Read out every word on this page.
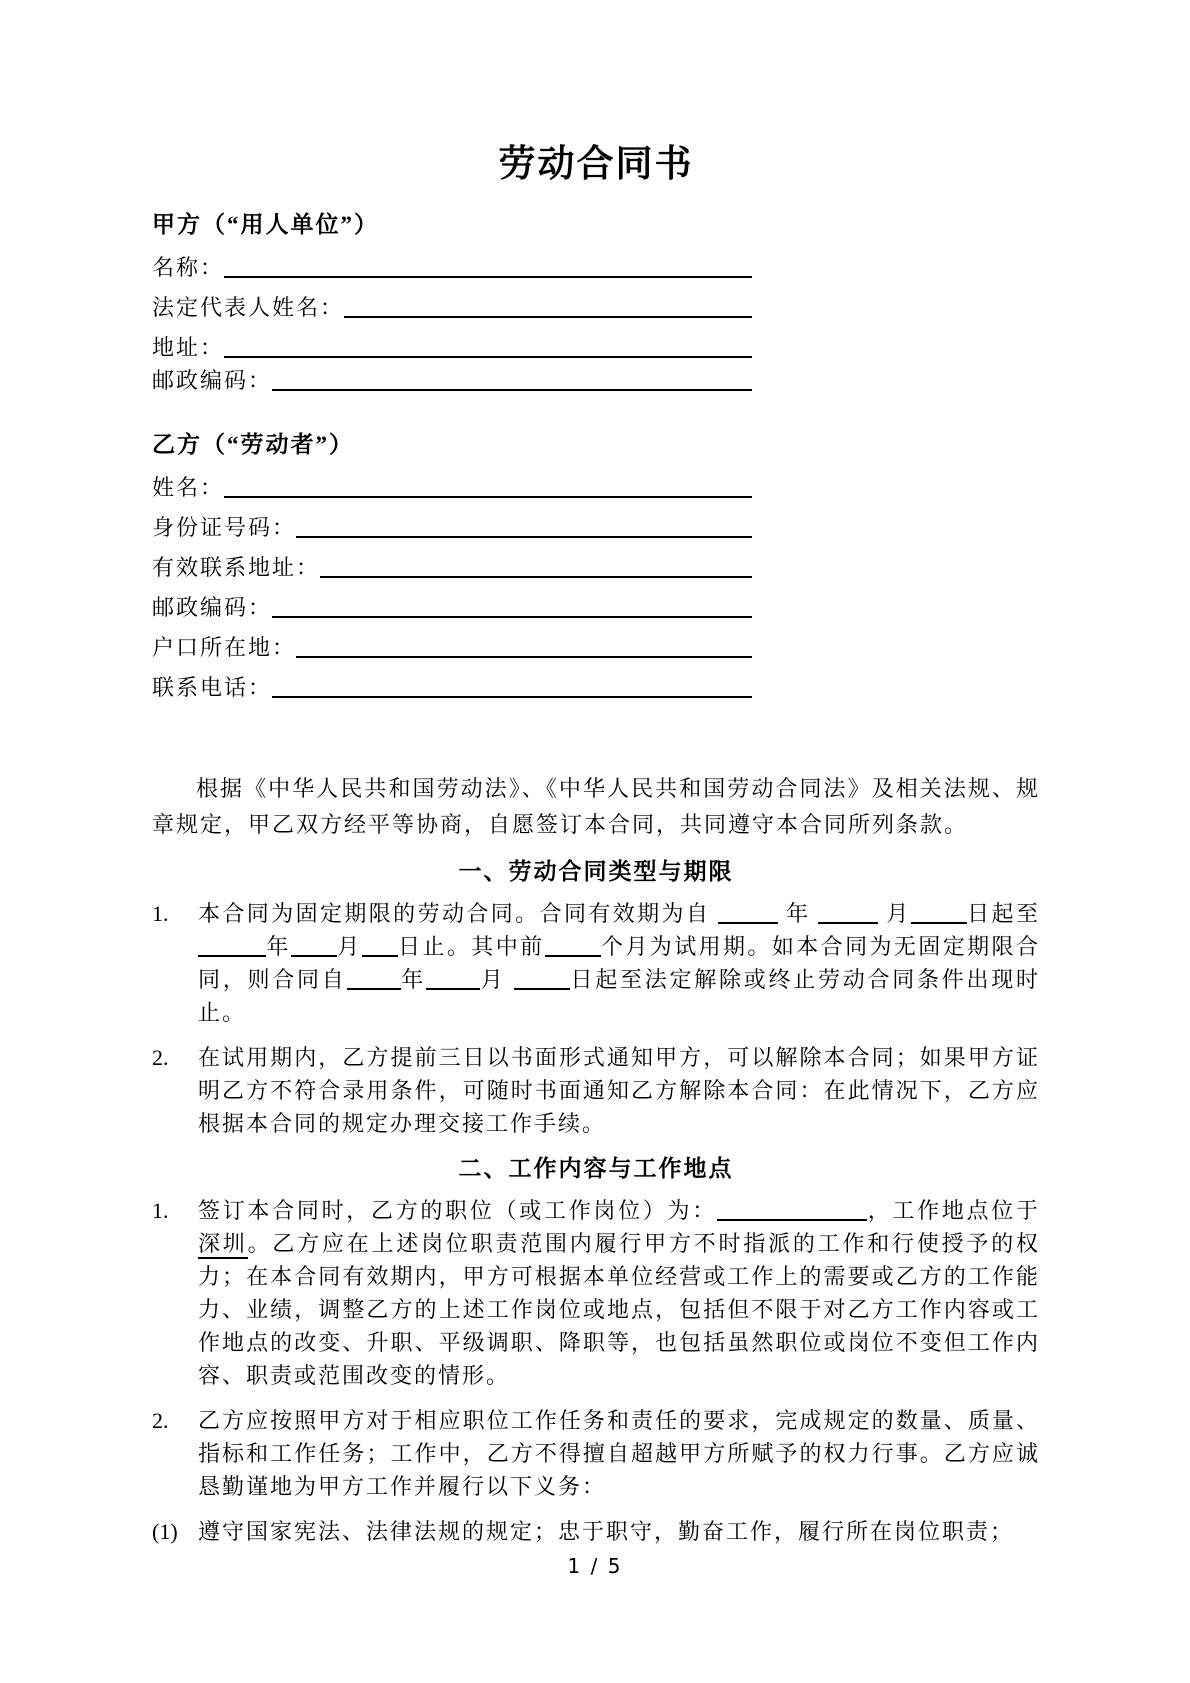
劳动合同书
甲方（“用人单位”）
名称：
法定代表人姓名：
地址：
邮政编码：
乙方（“劳动者”）
姓名：
身份证号码：
有效联系地址：
邮政编码：
户口所在地：
联系电话：

根据《中华人民共和国劳动法》、《中华人民共和国劳动合同法》及相关法规、规章规定，甲乙双方经平等协商，自愿签订本合同，共同遵守本合同所列条款。

一、劳动合同类型与期限
1.	本合同为固定期限的劳动合同。合同有效期为自	年	月	日起至 年 月 日止。其中前	个月为试用期。如本合同为无固定期限合同，则合同自 年 月	日起至法定解除或终止劳动合同条件出现时止。
2.	在试用期内，乙方提前三日以书面形式通知甲方，可以解除本合同；如果甲方证明乙方不符合录用条件，可随时书面通知乙方解除本合同：在此情况下，乙方应根据本合同的规定办理交接工作手续。
二、工作内容与工作地点
1.	签订本合同时，乙方的职位（或工作岗位）为：	，工作地点位于深圳。乙方应在上述岗位职责范围内履行甲方不时指派的工作和行使授予的权力；在本合同有效期内，甲方可根据本单位经营或工作上的需要或乙方的工作能力、业绩，调整乙方的上述工作岗位或地点，包括但不限于对乙方工作内容或工作地点的改变、升职、平级调职、降职等，也包括虽然职位或岗位不变但工作内容、职责或范围改变的情形。
2.	乙方应按照甲方对于相应职位工作任务和责任的要求，完成规定的数量、质量、指标和工作任务；工作中，乙方不得擅自超越甲方所赋予的权力行事。乙方应诚恳勤谨地为甲方工作并履行以下义务：
(1) 遵守国家宪法、法律法规的规定；忠于职守，勤奋工作，履行所在岗位职责；
1 / 5
